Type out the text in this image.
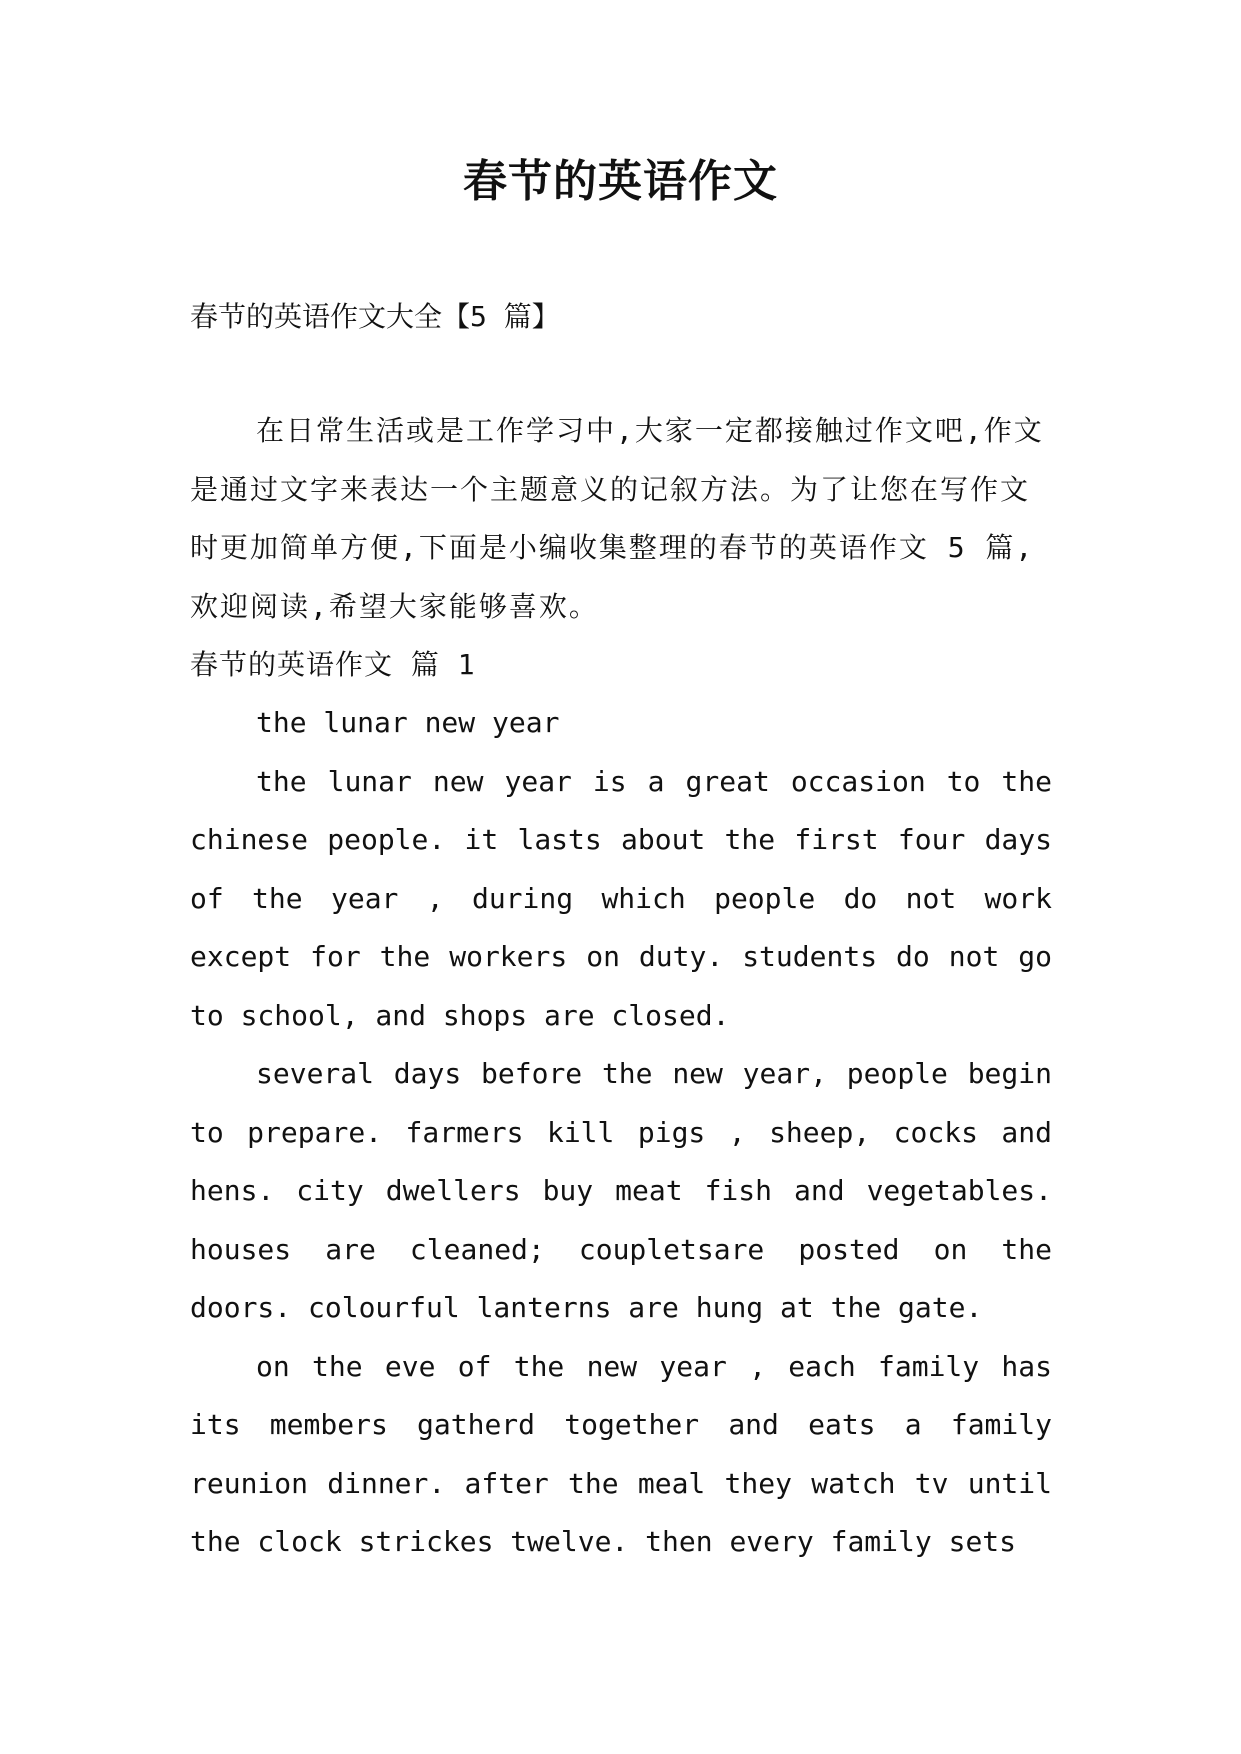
春节的英语作文

春节的英语作文大全【5 篇】

在日常生活或是工作学习中,大家一定都接触过作文吧,作文是通过文字来表达一个主题意义的记叙方法。为了让您在写作文时更加简单方便,下面是小编收集整理的春节的英语作文 5 篇,欢迎阅读,希望大家能够喜欢。

春节的英语作文 篇 1

the lunar new year

the lunar new year is a great occasion to the chinese people. it lasts about the first four days of the year , during which people do not work except for the workers on duty. students do not go to school, and shops are closed.

several days before the new year, people begin to prepare. farmers kill pigs , sheep, cocks and hens. city dwellers buy meat fish and vegetables. houses are cleaned; coupletsare posted on the doors. colourful lanterns are hung at the gate.

on the eve of the new year , each family has its members gatherd together and eats a family reunion dinner. after the meal they watch tv until the clock strickes twelve. then every family sets
